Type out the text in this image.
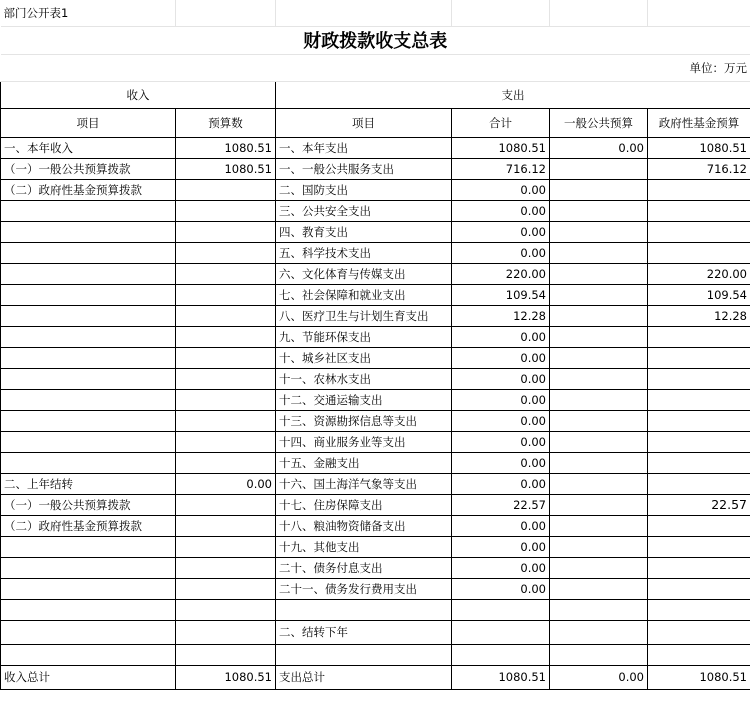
部门公开表1					
财政拨款收支总表					
单位：万元					
收入		支出			
项目	预算数	项目	合计	一般公共预算	政府性基金预算
一、本年收入	1080.51	一、本年支出	1080.51	0.00	1080.51
（一）一般公共预算拨款	1080.51	一、一般公共服务支出	716.12		716.12
（二）政府性基金预算拨款		二、国防支出	0.00		
		三、公共安全支出	0.00		
		四、教育支出	0.00		
		五、科学技术支出	0.00		
		六、文化体育与传媒支出	220.00		220.00
		七、社会保障和就业支出	109.54		109.54
		八、医疗卫生与计划生育支出	12.28		12.28
		九、节能环保支出	0.00		
		十、城乡社区支出	0.00		
		十一、农林水支出	0.00		
		十二、交通运输支出	0.00		
		十三、资源勘探信息等支出	0.00		
		十四、商业服务业等支出	0.00		
		十五、金融支出	0.00		
二、上年结转	0.00	十六、国土海洋气象等支出	0.00		
（一）一般公共预算拨款		十七、住房保障支出	22.57		22.57
（二）政府性基金预算拨款		十八、粮油物资储备支出	0.00		
		十九、其他支出	0.00		
		二十、债务付息支出	0.00		
		二十一、债务发行费用支出	0.00		

		二、结转下年			

收入总计	1080.51	支出总计	1080.51	0.00	1080.51
